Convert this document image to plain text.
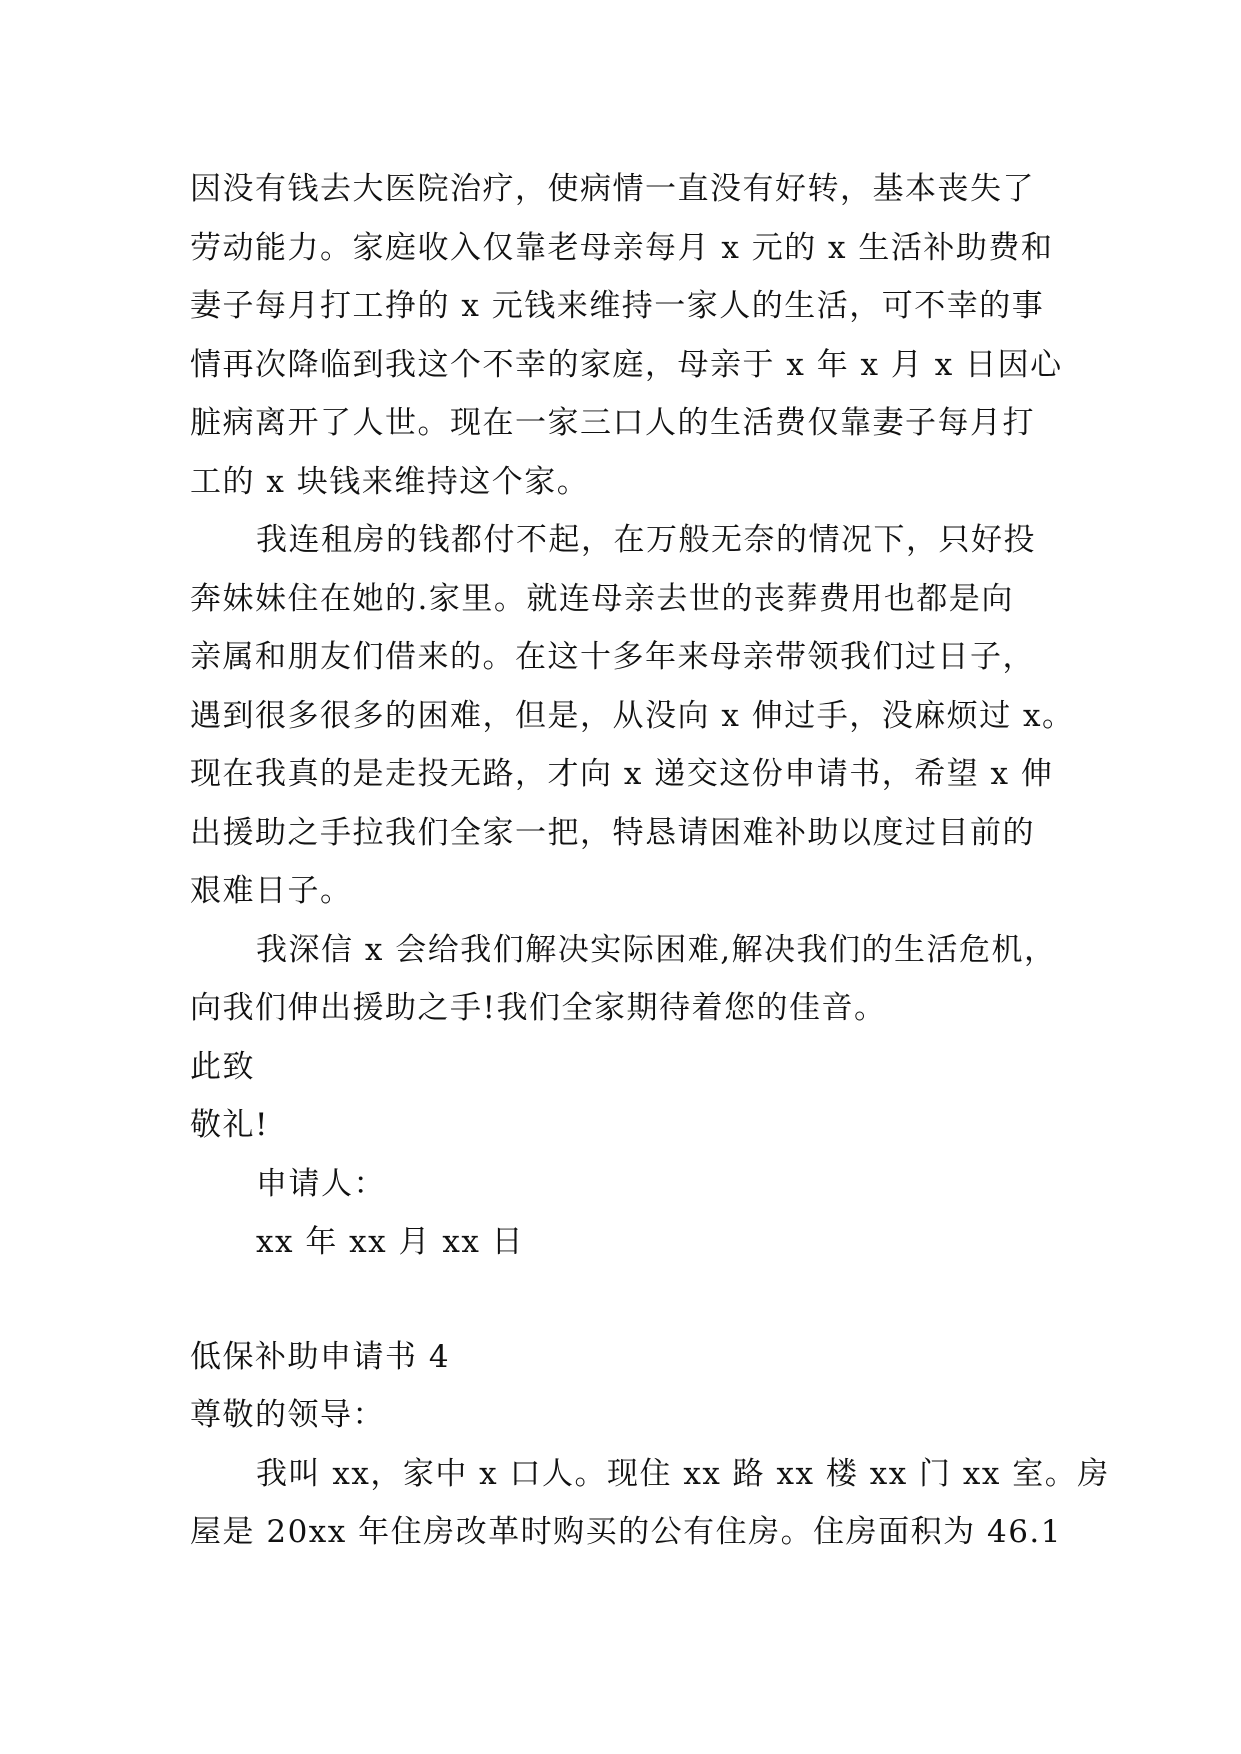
因没有钱去大医院治疗，使病情一直没有好转，基本丧失了
劳动能力。家庭收入仅靠老母亲每月 x 元的 x 生活补助费和
妻子每月打工挣的 x 元钱来维持一家人的生活，可不幸的事
情再次降临到我这个不幸的家庭，母亲于 x 年 x 月 x 日因心
脏病离开了人世。现在一家三口人的生活费仅靠妻子每月打
工的 x 块钱来维持这个家。
我连租房的钱都付不起，在万般无奈的情况下，只好投
奔妹妹住在她的.家里。就连母亲去世的丧葬费用也都是向
亲属和朋友们借来的。在这十多年来母亲带领我们过日子，
遇到很多很多的困难，但是，从没向 x 伸过手，没麻烦过 x。
现在我真的是走投无路，才向 x 递交这份申请书，希望 x 伸
出援助之手拉我们全家一把，特恳请困难补助以度过目前的
艰难日子。
我深信 x 会给我们解决实际困难,解决我们的生活危机，
向我们伸出援助之手!我们全家期待着您的佳音。
此致
敬礼!
申请人：
xx 年 xx 月 xx 日
低保补助申请书 4
尊敬的领导：
我叫 xx，家中 x 口人。现住 xx 路 xx 楼 xx 门 xx 室。房
屋是 20xx 年住房改革时购买的公有住房。住房面积为 46.1
